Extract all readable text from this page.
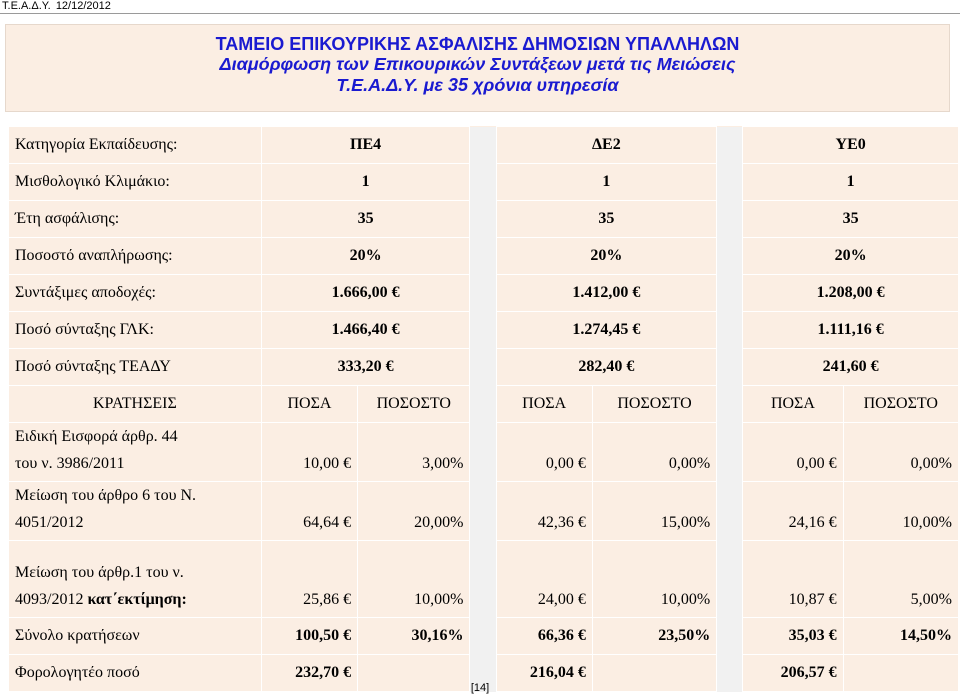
Τ.Ε.Α.Δ.Υ. 12/12/2012
ΤΑΜΕΙΟ ΕΠΙΚΟΥΡΙΚΗΣ ΑΣΦΑΛΙΣΗΣ ΔΗΜΟΣΙΩΝ ΥΠΑΛΛΗΛΩΝ
Διαμόρφωση των Επικουρικών Συντάξεων μετά τις Μειώσεις
Τ.Ε.Α.Δ.Υ. με 35 χρόνια υπηρεσία
Κατηγορία Εκπαίδευσης:	ΠΕ4			ΔΕ2			ΥΕ0	
Μισθολογικό Κλιμάκιο:	1			1			1	
Έτη ασφάλισης:	35			35			35	
Ποσοστό αναπλήρωσης:	20%			20%			20%	
Συντάξιμες αποδοχές:	1.666,00 €			1.412,00 €			1.208,00 €	
Ποσό σύνταξης ΓΛΚ:	1.466,40 €			1.274,45 €			1.111,16 €	
Ποσό σύνταξης ΤΕΑΔΥ	333,20 €			282,40 €			241,60 €	
ΚΡΑΤΗΣΕΙΣ	ΠΟΣΑ	ΠΟΣΟΣΤΟ		ΠΟΣΑ	ΠΟΣΟΣΤΟ		ΠΟΣΑ	ΠΟΣΟΣΤΟ

Ειδική Εισφορά άρθρ. 44
του ν. 3986/2011	10,00 €	3,00%		0,00 €	0,00%		0,00 €	0,00%

Μείωση του άρθρο 6 του Ν.
4051/2012	64,64 €	20,00%		42,36 €	15,00%		24,16 €	10,00%

Μείωση του άρθρ.1 του ν.
4093/2012 κατ΄εκτίμηση:	25,86 €	10,00%		24,00 €	10,00%		10,87 €	5,00%
Σύνολο κρατήσεων	100,50 €	30,16%		66,36 €	23,50%		35,03 €	14,50%
Φορολογητέο ποσό	232,70 €			216,04 €			206,57 €	
[14]
